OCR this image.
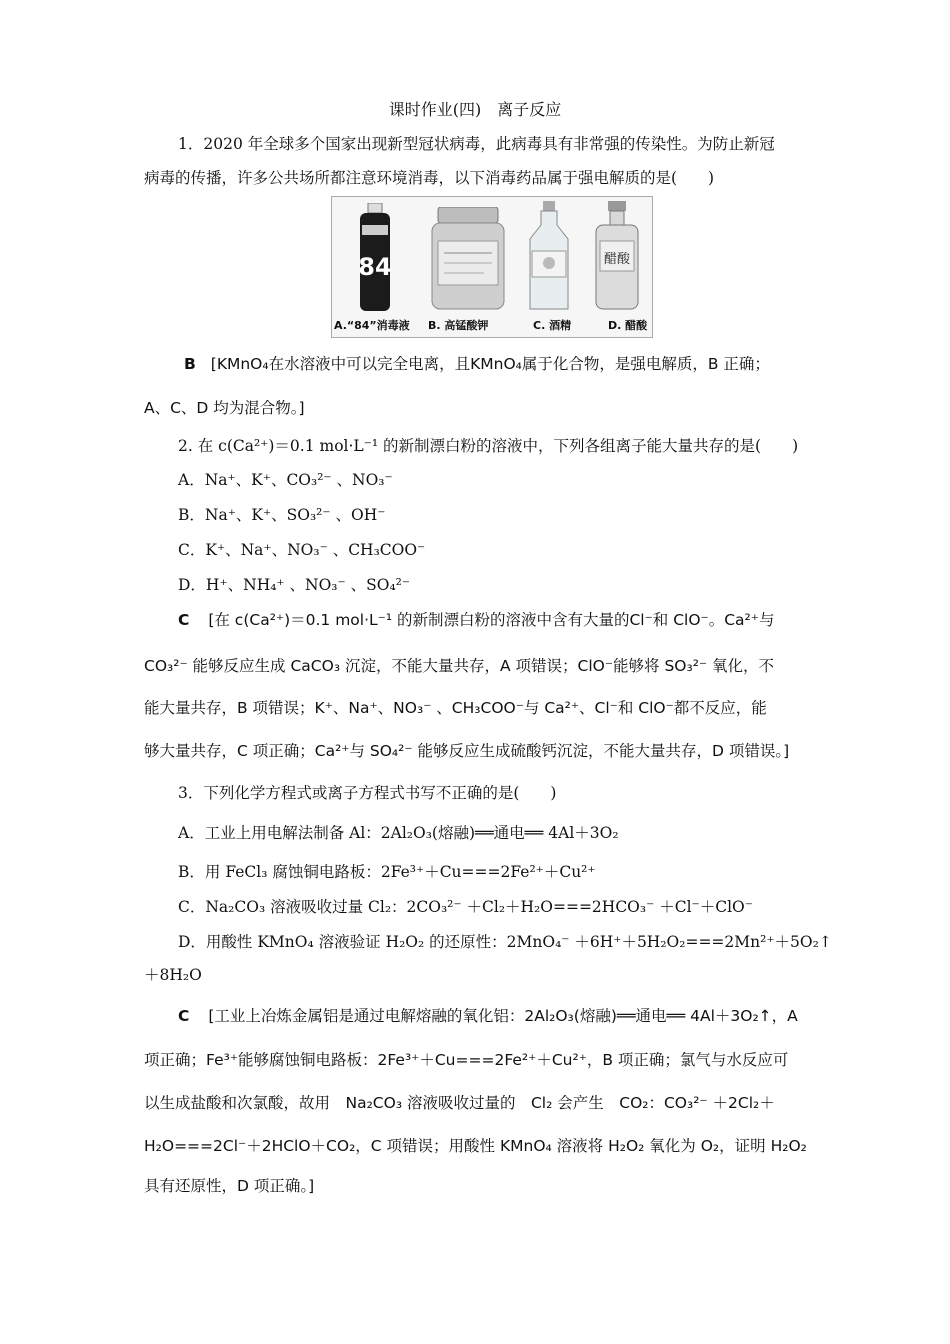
课时作业(四)　离子反应
1．2020 年全球多个国家出现新型冠状病毒，此病毒具有非常强的传染性。为防止新冠
病毒的传播，许多公共场所都注意环境消毒，以下消毒药品属于强电解质的是(　　)
84	醋酸
A.“84”消毒液 B. 高锰酸钾	C. 酒精	D. 醋酸
B [KMnO₄在水溶液中可以完全电离，且KMnO₄属于化合物，是强电解质，B 正确；
A、C、D 均为混合物。]
2. 在 c(Ca²⁺)＝0.1 mol·L⁻¹ 的新制漂白粉的溶液中，下列各组离子能大量共存的是(　　)
A．Na⁺、K⁺、CO₃²⁻ 、NO₃⁻
B．Na⁺、K⁺、SO₃²⁻ 、OH⁻
C．K⁺、Na⁺、NO₃⁻ 、CH₃COO⁻
D．H⁺、NH₄⁺ 、NO₃⁻ 、SO₄²⁻
C [在 c(Ca²⁺)＝0.1 mol·L⁻¹ 的新制漂白粉的溶液中含有大量的Cl⁻和 ClO⁻。Ca²⁺与
CO₃²⁻ 能够反应生成 CaCO₃ 沉淀，不能大量共存，A 项错误；ClO⁻能够将 SO₃²⁻ 氧化，不
能大量共存，B 项错误；K⁺、Na⁺、NO₃⁻ 、CH₃COO⁻与 Ca²⁺、Cl⁻和 ClO⁻都不反应，能
够大量共存，C 项正确；Ca²⁺与 SO₄²⁻ 能够反应生成硫酸钙沉淀，不能大量共存，D 项错误。]
3．下列化学方程式或离子方程式书写不正确的是(　　)
A．工业上用电解法制备 Al：2Al₂O₃(熔融)══通电══ 4Al＋3O₂
B．用 FeCl₃ 腐蚀铜电路板：2Fe³⁺＋Cu===2Fe²⁺＋Cu²⁺
C．Na₂CO₃ 溶液吸收过量 Cl₂：2CO₃²⁻ ＋Cl₂＋H₂O===2HCO₃⁻ ＋Cl⁻＋ClO⁻
D．用酸性 KMnO₄ 溶液验证 H₂O₂ 的还原性：2MnO₄⁻ ＋6H⁺＋5H₂O₂===2Mn²⁺＋5O₂↑
＋8H₂O
C [工业上冶炼金属铝是通过电解熔融的氧化铝：2Al₂O₃(熔融)══通电══ 4Al＋3O₂↑，A
项正确；Fe³⁺能够腐蚀铜电路板：2Fe³⁺＋Cu===2Fe²⁺＋Cu²⁺，B 项正确；氯气与水反应可
以生成盐酸和次氯酸，故用　Na₂CO₃ 溶液吸收过量的　Cl₂ 会产生　CO₂：CO₃²⁻ ＋2Cl₂＋
H₂O===2Cl⁻＋2HClO＋CO₂，C 项错误；用酸性 KMnO₄ 溶液将 H₂O₂ 氧化为 O₂，证明 H₂O₂
具有还原性，D 项正确。]
